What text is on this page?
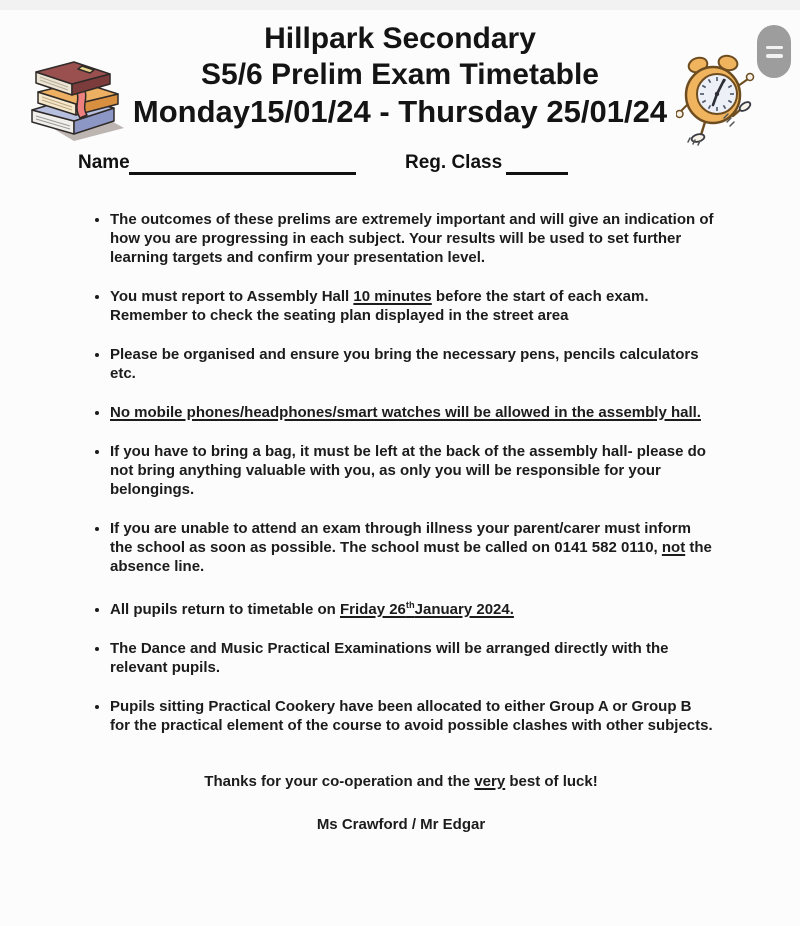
Hillpark Secondary
S5/6 Prelim Exam Timetable
Monday15/01/24 - Thursday 25/01/24
Name	Reg. Class
• The outcomes of these prelims are extremely important and will give an indication of how you are progressing in each subject. Your results will be used to set further learning targets and confirm your presentation level.
• You must report to Assembly Hall 10 minutes before the start of each exam. Remember to check the seating plan displayed in the street area
• Please be organised and ensure you bring the necessary pens, pencils calculators etc.
• No mobile phones/headphones/smart watches will be allowed in the assembly hall.
• If you have to bring a bag, it must be left at the back of the assembly hall- please do not bring anything valuable with you, as only you will be responsible for your belongings.
• If you are unable to attend an exam through illness your parent/carer must inform the school as soon as possible. The school must be called on 0141 582 0110, not the absence line.
• All pupils return to timetable on Friday 26thJanuary 2024.
• The Dance and Music Practical Examinations will be arranged directly with the relevant pupils.
• Pupils sitting Practical Cookery have been allocated to either Group A or Group B for the practical element of the course to avoid possible clashes with other subjects.
Thanks for your co-operation and the very best of luck!
Ms Crawford / Mr Edgar
